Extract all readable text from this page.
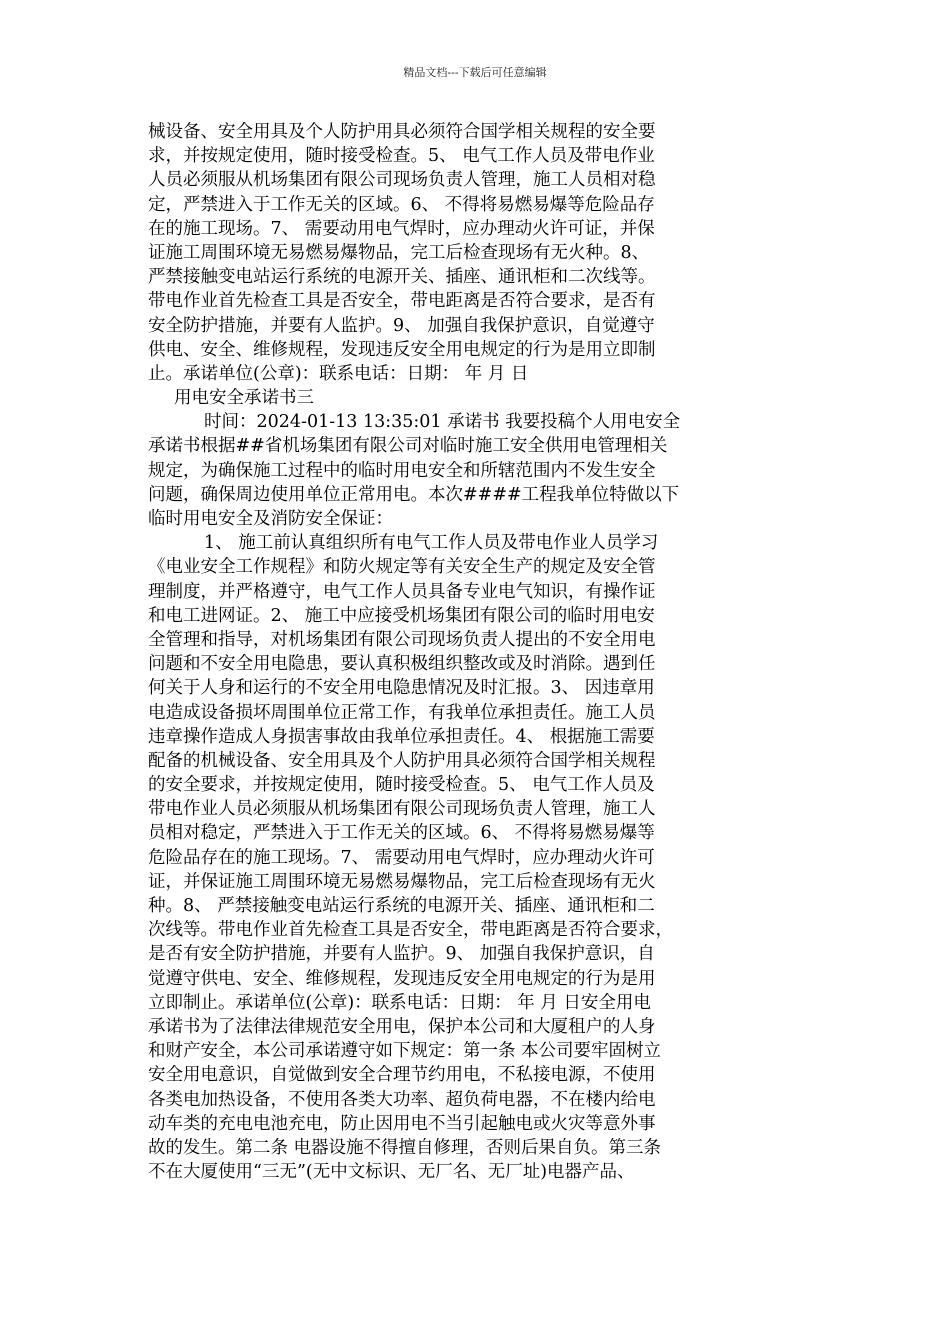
精品文档---下载后可任意编辑
械设备、安全用具及个人防护用具必须符合国学相关规程的安全要
求，并按规定使用，随时接受检查。5、 电气工作人员及带电作业
人员必须服从机场集团有限公司现场负责人管理，施工人员相对稳
定，严禁进入于工作无关的区域。6、 不得将易燃易爆等危险品存
在的施工现场。7、 需要动用电气焊时，应办理动火许可证，并保
证施工周围环境无易燃易爆物品，完工后检查现场有无火种。8、
严禁接触变电站运行系统的电源开关、插座、通讯柜和二次线等。
带电作业首先检查工具是否安全，带电距离是否符合要求，是否有
安全防护措施，并要有人监护。9、 加强自我保护意识，自觉遵守
供电、安全、维修规程，发现违反安全用电规定的行为是用立即制
止。承诺单位(公章)：联系电话：日期： 年 月 日
用电安全承诺书三
时间：2024-01-13 13:35:01 承诺书 我要投稿个人用电安全
承诺书根据##省机场集团有限公司对临时施工安全供用电管理相关
规定，为确保施工过程中的临时用电安全和所辖范围内不发生安全
问题，确保周边使用单位正常用电。本次####工程我单位特做以下
临时用电安全及消防安全保证：
1、 施工前认真组织所有电气工作人员及带电作业人员学习
《电业安全工作规程》和防火规定等有关安全生产的规定及安全管
理制度，并严格遵守，电气工作人员具备专业电气知识，有操作证
和电工进网证。2、 施工中应接受机场集团有限公司的临时用电安
全管理和指导，对机场集团有限公司现场负责人提出的不安全用电
问题和不安全用电隐患，要认真积极组织整改或及时消除。遇到任
何关于人身和运行的不安全用电隐患情况及时汇报。3、 因违章用
电造成设备损坏周围单位正常工作，有我单位承担责任。施工人员
违章操作造成人身损害事故由我单位承担责任。4、 根据施工需要
配备的机械设备、安全用具及个人防护用具必须符合国学相关规程
的安全要求，并按规定使用，随时接受检查。5、 电气工作人员及
带电作业人员必须服从机场集团有限公司现场负责人管理，施工人
员相对稳定，严禁进入于工作无关的区域。6、 不得将易燃易爆等
危险品存在的施工现场。7、 需要动用电气焊时，应办理动火许可
证，并保证施工周围环境无易燃易爆物品，完工后检查现场有无火
种。8、 严禁接触变电站运行系统的电源开关、插座、通讯柜和二
次线等。带电作业首先检查工具是否安全，带电距离是否符合要求，
是否有安全防护措施，并要有人监护。9、 加强自我保护意识，自
觉遵守供电、安全、维修规程，发现违反安全用电规定的行为是用
立即制止。承诺单位(公章)：联系电话：日期： 年 月 日安全用电
承诺书为了法律法律规范安全用电，保护本公司和大厦租户的人身
和财产安全，本公司承诺遵守如下规定：第一条 本公司要牢固树立
安全用电意识，自觉做到安全合理节约用电，不私接电源，不使用
各类电加热设备，不使用各类大功率、超负荷电器，不在楼内给电
动车类的充电电池充电，防止因用电不当引起触电或火灾等意外事
故的发生。第二条 电器设施不得擅自修理，否则后果自负。第三条
不在大厦使用“三无”(无中文标识、无厂名、无厂址)电器产品、
